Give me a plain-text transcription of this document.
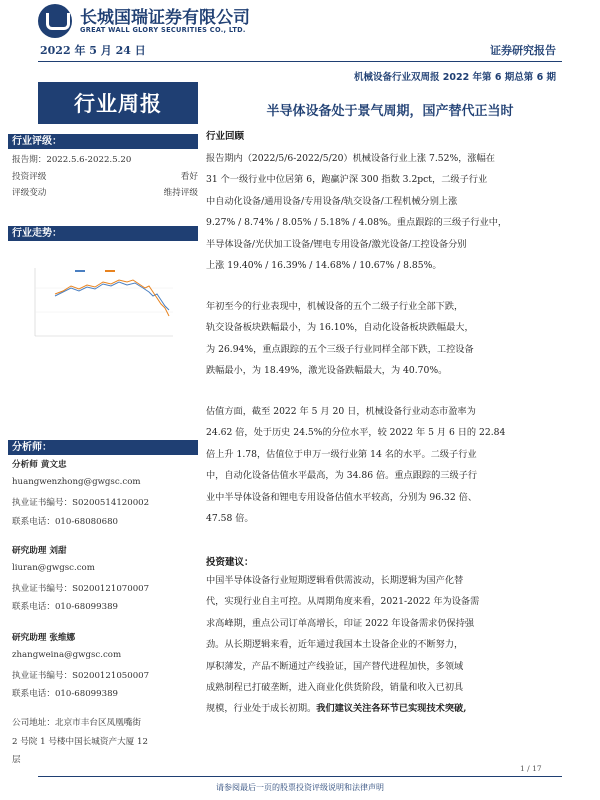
长城国瑞证券有限公司
GREAT WALL GLORY SECURITIES CO., LTD.
2022 年 5 月 24 日	证券研究报告
机械设备行业双周报 2022 年第 6 期总第 6 期
行业周报
行业评级：
报告期：2022.5.6-2022.5.20
投资评级	看好
评级变动	维持评级
行业走势：
分析师：
分析师 黄文忠
huangwenzhong@gwgsc.com
执业证书编号：S0200514120002
联系电话：010-68080680
研究助理 刘甜
liuran@gwgsc.com
执业证书编号：S0200121070007
联系电话：010-68099389
研究助理 张维娜
zhangweina@gwgsc.com
执业证书编号：S0200121050007
联系电话：010-68099389
公司地址：北京市丰台区凤凰嘴街
2 号院 1 号楼中国长城资产大厦 12
层
半导体设备处于景气周期，国产替代正当时
行业回顾
报告期内（2022/5/6-2022/5/20）机械设备行业上涨 7.52%，涨幅在
31 个一级行业中位居第 6，跑赢沪深 300 指数 3.2pct，二级子行业
中自动化设备/通用设备/专用设备/轨交设备/工程机械分别上涨
9.27% / 8.74% / 8.05% / 5.18% / 4.08%。重点跟踪的三级子行业中，
半导体设备/光伏加工设备/锂电专用设备/激光设备/工控设备分别
上涨 19.40% / 16.39% / 14.68% / 10.67% / 8.85%。
年初至今的行业表现中，机械设备的五个二级子行业全部下跌，
轨交设备板块跌幅最小，为 16.10%，自动化设备板块跌幅最大，
为 26.94%，重点跟踪的五个三级子行业同样全部下跌，工控设备
跌幅最小，为 18.49%，激光设备跌幅最大，为 40.70%。
估值方面，截至 2022 年 5 月 20 日，机械设备行业动态市盈率为
24.62 倍，处于历史 24.5%的分位水平，较 2022 年 5 月 6 日的 22.84
倍上升 1.78，估值位于申万一级行业第 14 名的水平。二级子行业
中，自动化设备估值水平最高，为 34.86 倍。重点跟踪的三级子行
业中半导体设备和锂电专用设备估值水平较高，分别为 96.32 倍、
47.58 倍。
投资建议：
中国半导体设备行业短期逻辑看供需波动，长期逻辑为国产化替
代，实现行业自主可控。从周期角度来看，2021-2022 年为设备需
求高峰期，重点公司订单高增长，印证 2022 年设备需求仍保持强
劲。从长期逻辑来看，近年通过我国本土设备企业的不断努力，
厚积薄发，产品不断通过产线验证，国产替代进程加快，多领域
成熟制程已打破垄断，进入商业化供货阶段，销量和收入已初具
规模，行业处于成长初期。我们建议关注各环节已实现技术突破,
1 / 17
请参阅最后一页的股票投资评级说明和法律声明
